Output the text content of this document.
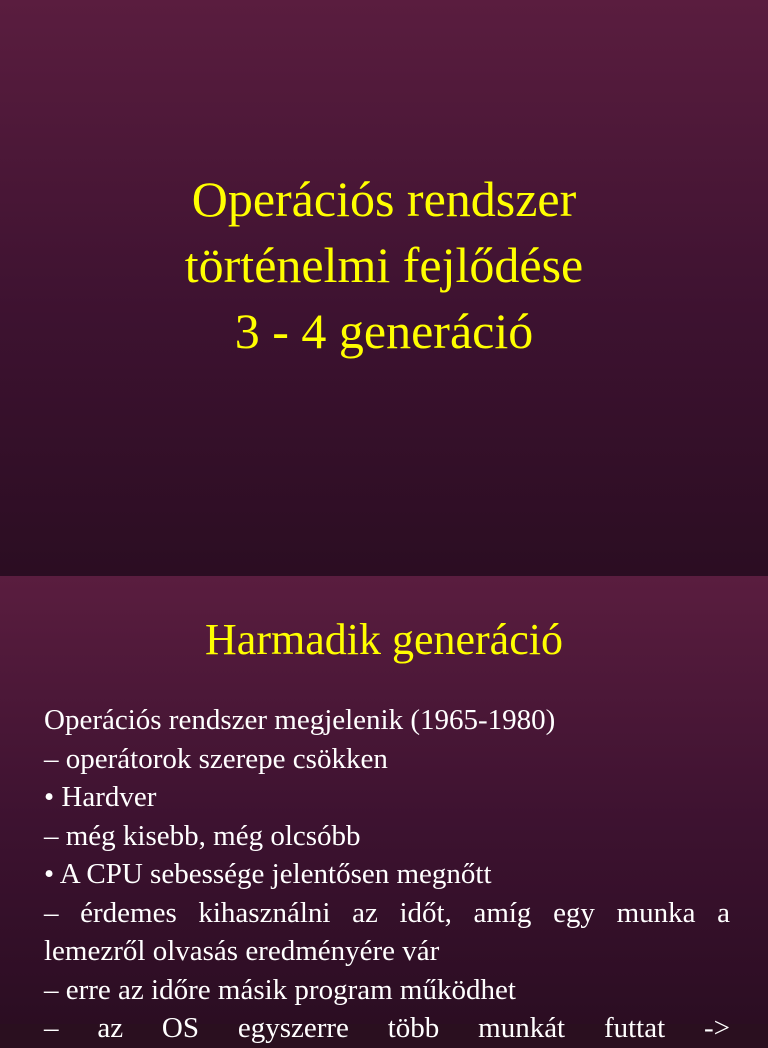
Operációs rendszer
történelmi fejlődése
3 - 4 generáció
Harmadik generáció
Operációs rendszer megjelenik (1965-1980)
– operátorok szerepe csökken
• Hardver
– még kisebb, még olcsóbb
• A CPU sebessége jelentősen megnőtt
– érdemes kihasználni az időt, amíg egy munka a
lemezről olvasás eredményére vár
– erre az időre másik program működhet
– az OS egyszerre több munkát futtat ->
